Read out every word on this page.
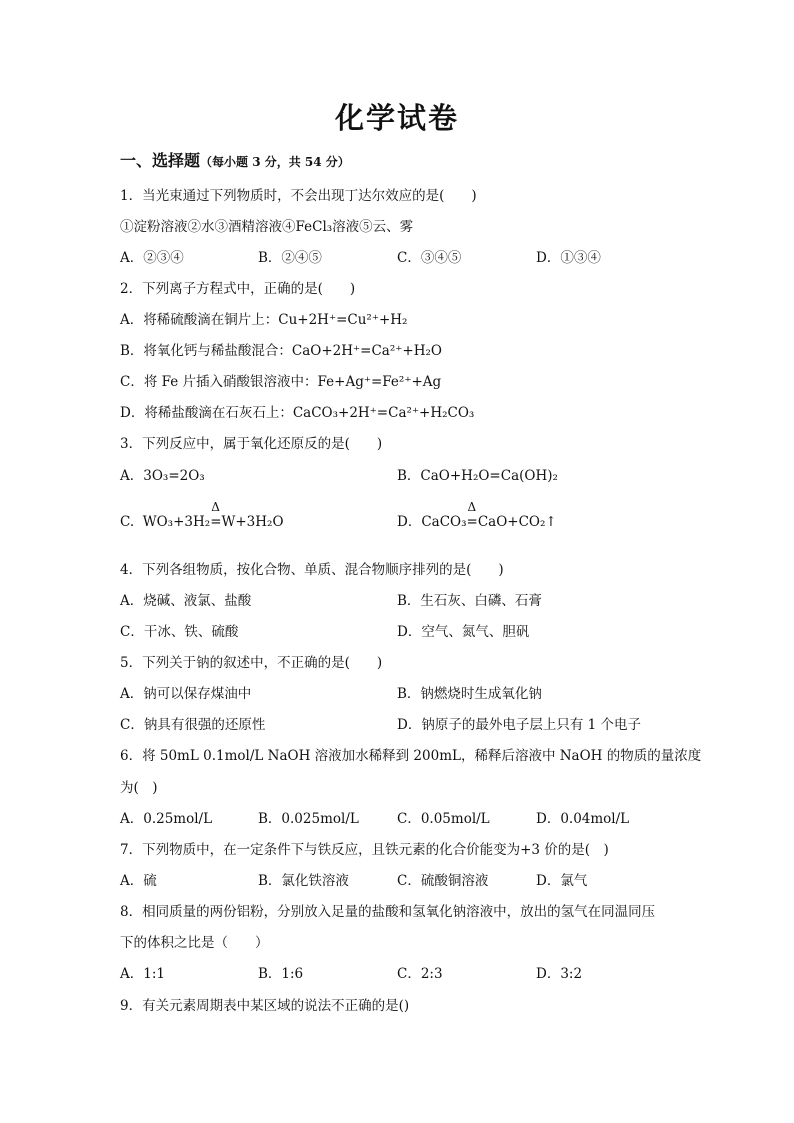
化学试卷
一、选择题（每小题 3 分，共 54 分）
1．当光束通过下列物质时，不会出现丁达尔效应的是(　　)
①淀粉溶液②水③酒精溶液④FeCl₃溶液⑤云、雾
A．②③④	B．②④⑤	C．③④⑤	D．①③④
2．下列离子方程式中，正确的是(　　)
A．将稀硫酸滴在铜片上：Cu+2H⁺=Cu²⁺+H₂
B．将氧化钙与稀盐酸混合：CaO+2H⁺=Ca²⁺+H₂O
C．将 Fe 片插入硝酸银溶液中：Fe+Ag⁺=Fe²⁺+Ag
D．将稀盐酸滴在石灰石上：CaCO₃+2H⁺=Ca²⁺+H₂CO₃
3．下列反应中，属于氧化还原反的是(　　)
A．3O₃=2O₃	B．CaO+H₂O=Ca(OH)₂
C. WO₃+3H₂
Δ
=W+3H₂O	D．CaCO₃
Δ
=CaO+CO₂↑
4．下列各组物质，按化合物、单质、混合物顺序排列的是(　　)
A．烧碱、液氯、盐酸	B．生石灰、白磷、石膏
C．干冰、铁、硫酸	D．空气、氮气、胆矾
5．下列关于钠的叙述中，不正确的是(　　)
A．钠可以保存煤油中	B．钠燃烧时生成氧化钠
C．钠具有很强的还原性	D．钠原子的最外电子层上只有 1 个电子
6．将 50mL 0.1mol/L NaOH 溶液加水稀释到 200mL，稀释后溶液中 NaOH 的物质的量浓度
为(　)
A．0.25mol/L	B．0.025mol/L	C．0.05mol/L	D．0.04mol/L
7．下列物质中，在一定条件下与铁反应，且铁元素的化合价能变为+3 价的是(　)
A．硫	B．氯化铁溶液	C．硫酸铜溶液	D．氯气
8．相同质量的两份铝粉，分别放入足量的盐酸和氢氧化钠溶液中，放出的氢气在同温同压
下的体积之比是（　　）
A．1:1	B．1:6	C．2:3	D．3:2
9．有关元素周期表中某区域的说法不正确的是()
